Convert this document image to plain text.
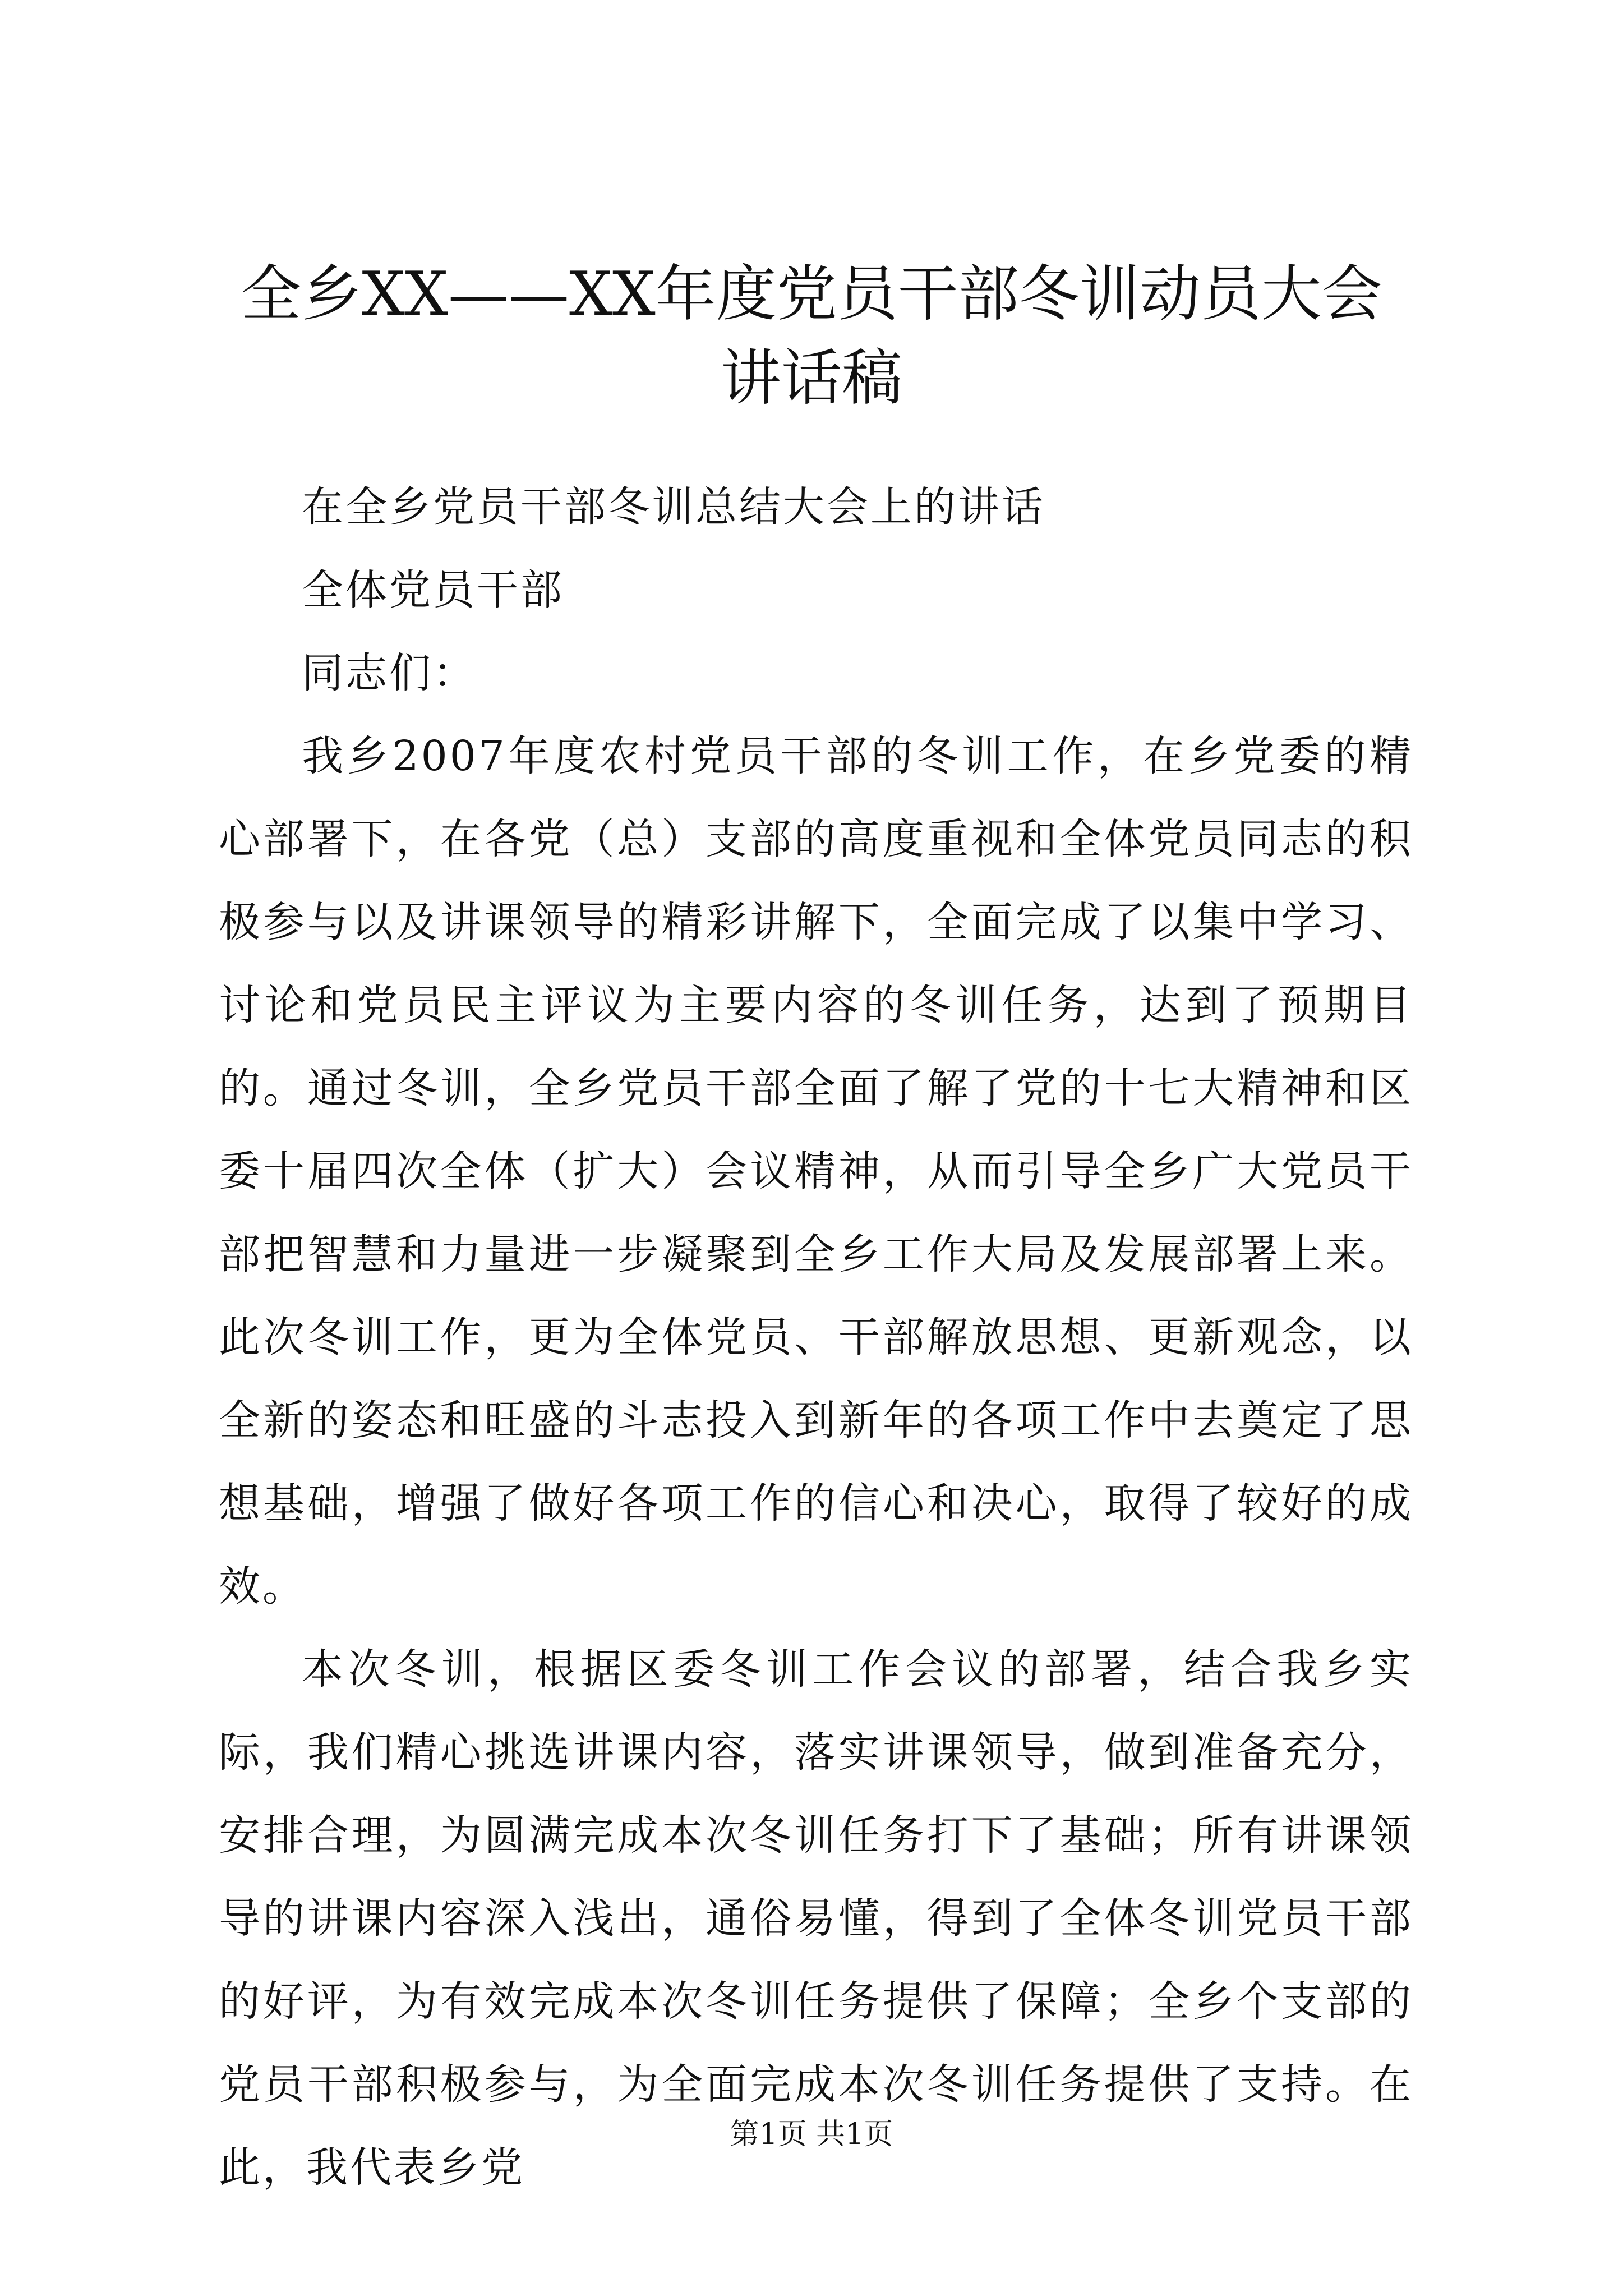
全乡XX——XX年度党员干部冬训动员大会讲话稿

在全乡党员干部冬训总结大会上的讲话

全体党员干部

同志们：

我乡2007年度农村党员干部的冬训工作，在乡党委的精心部署下，在各党（总）支部的高度重视和全体党员同志的积极参与以及讲课领导的精彩讲解下，全面完成了以集中学习、讨论和党员民主评议为主要内容的冬训任务，达到了预期目的。通过冬训，全乡党员干部全面了解了党的十七大精神和区委十届四次全体（扩大）会议精神，从而引导全乡广大党员干部把智慧和力量进一步凝聚到全乡工作大局及发展部署上来。此次冬训工作，更为全体党员、干部解放思想、更新观念，以全新的姿态和旺盛的斗志投入到新年的各项工作中去奠定了思想基础，增强了做好各项工作的信心和决心，取得了较好的成效。

本次冬训，根据区委冬训工作会议的部署，结合我乡实际，我们精心挑选讲课内容，落实讲课领导，做到准备充分，安排合理，为圆满完成本次冬训任务打下了基础；所有讲课领导的讲课内容深入浅出，通俗易懂，得到了全体冬训党员干部的好评，为有效完成本次冬训任务提供了保障；全乡个支部的党员干部积极参与，为全面完成本次冬训任务提供了支持。在此，我代表乡党

第1页 共1页
